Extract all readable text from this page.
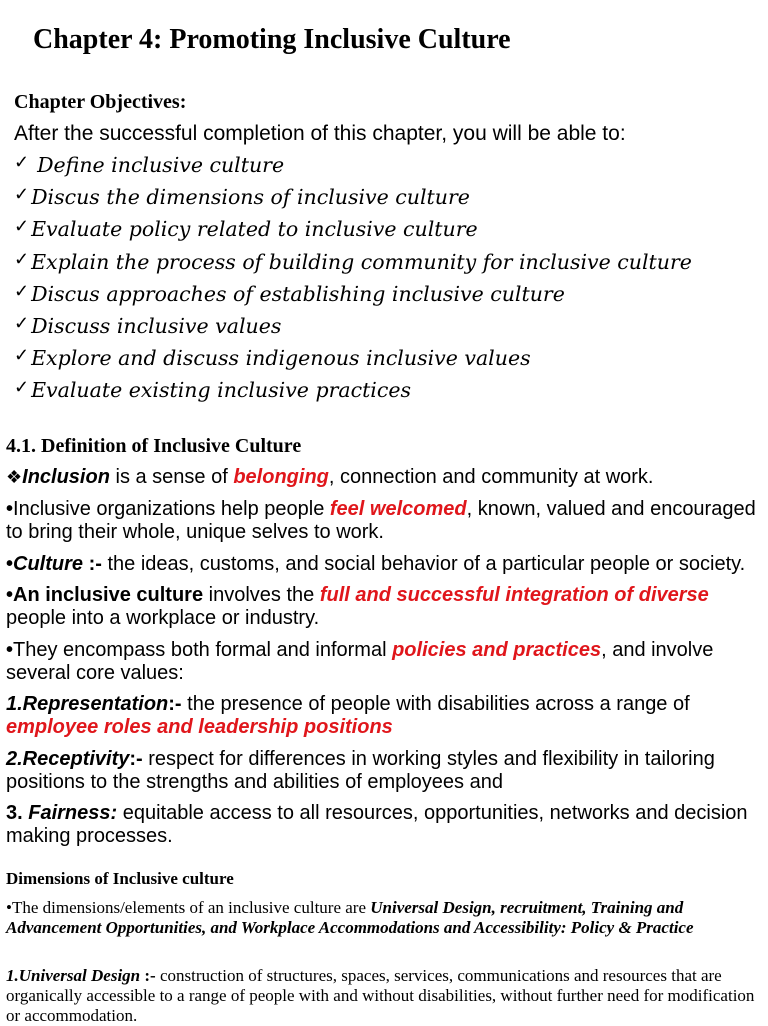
Chapter 4: Promoting Inclusive Culture
Chapter Objectives:
After the successful completion of this chapter, you will be able to:
✓ Define inclusive culture
✓Discus the dimensions of inclusive culture
✓Evaluate policy related to inclusive culture
✓Explain the process of building community for inclusive culture
✓Discus approaches of establishing inclusive culture
✓Discuss inclusive values
✓Explore and discuss indigenous inclusive values
✓Evaluate existing inclusive practices
4.1. Definition of Inclusive Culture
❖Inclusion is a sense of belonging, connection and community at work.
•Inclusive organizations help people feel welcomed, known, valued and encouraged to bring their whole, unique selves to work.
•Culture :- the ideas, customs, and social behavior of a particular people or society.
•An inclusive culture involves the full and successful integration of diverse people into a workplace or industry.
•They encompass both formal and informal policies and practices, and involve several core values:
1.Representation:- the presence of people with disabilities across a range of employee roles and leadership positions
2.Receptivity:- respect for differences in working styles and flexibility in tailoring positions to the strengths and abilities of employees and
3. Fairness: equitable access to all resources, opportunities, networks and decision making processes.
Dimensions of Inclusive culture
•The dimensions/elements of an inclusive culture are Universal Design, recruitment, Training and Advancement Opportunities, and Workplace Accommodations and Accessibility: Policy & Practice
1.Universal Design :- construction of structures, spaces, services, communications and resources that are organically accessible to a range of people with and without disabilities, without further need for modification or accommodation.
